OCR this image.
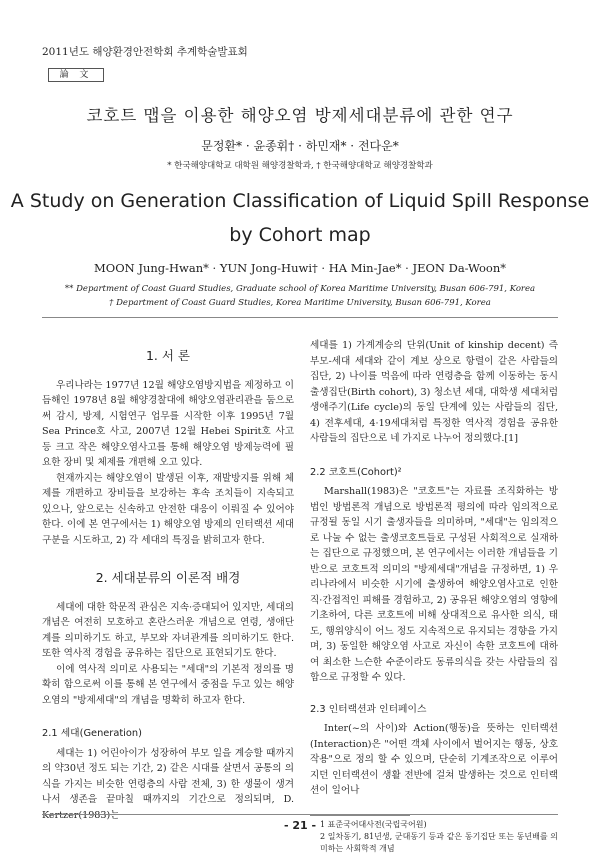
2011년도 해양환경안전학회 추계학술발표회
論 文
코호트 맵을 이용한 해양오염 방제세대분류에 관한 연구
문정환* · 윤종휘† · 하민재* · 전다운*
* 한국해양대학교 대학원 해양경찰학과, † 한국해양대학교 해양경찰학과
A Study on Generation Classification of Liquid Spill Response
by Cohort map
MOON Jung-Hwan* · YUN Jong-Huwi† · HA Min-Jae* · JEON Da-Woon*
** Department of Coast Guard Studies, Graduate school of Korea Maritime University, Busan 606-791, Korea
† Department of Coast Guard Studies, Korea Maritime University, Busan 606-791, Korea
1. 서 론

우리나라는 1977년 12월 해양오염방지법을 제정하고 이듬해인 1978년 8월 해양경찰대에 해양오염관리관을 둠으로써 감시, 방제, 시험연구 업무를 시작한 이후 1995년 7월 Sea Prince호 사고, 2007년 12월 Hebei Spirit호 사고 등 크고 작은 해양오염사고를 통해 해양오염 방제능력에 필요한 장비 및 체제를 개편해 오고 있다.

현재까지는 해양오염이 발생된 이후, 재발방지를 위해 체제를 개편하고 장비들을 보강하는 후속 조치들이 지속되고 있으나, 앞으로는 신속하고 안전한 대응이 이뤄질 수 있어야 한다. 이에 본 연구에서는 1) 해양오염 방제의 인터랙션 세대 구분을 시도하고, 2) 각 세대의 특징을 밝히고자 한다.

2. 세대분류의 이론적 배경

세대에 대한 학문적 관심은 지속·증대되어 있지만, 세대의 개념은 여전히 모호하고 혼란스러운 개념으로 연령, 생애단계를 의미하기도 하고, 부모와 자녀관계를 의미하기도 한다. 또한 역사적 경험을 공유하는 집단으로 표현되기도 한다.

이에 역사적 의미로 사용되는 "세대"의 기본적 정의를 명확히 함으로써 이를 통해 본 연구에서 중점을 두고 있는 해양오염의 "방제세대"의 개념을 명확히 하고자 한다.

2.1 세대(Generation)

세대는 1) 어린아이가 성장하여 부모 일을 계승할 때까지의 약30년 정도 되는 기간, 2) 같은 시대를 살면서 공통의 의식을 가지는 비슷한 연령층의 사람 전체, 3) 한 생물이 생겨나서 생존을 끝마칠 때까지의 기간으로 정의되며, D. Kertzer(1983)는

세대를 1) 가계계승의 단위(Unit of kinship decent) 즉 부모-세대 세대와 같이 계보 상으로 항렬이 같은 사람들의 집단, 2) 나이를 먹음에 따라 연령층을 함께 이동하는 동시 출생집단(Birth cohort), 3) 청소년 세대, 대학생 세대처럼 생애주기(Life cycle)의 동일 단계에 있는 사람들의 집단, 4) 전후세대, 4·19세대처럼 특정한 역사적 경험을 공유한 사람들의 집단으로 네 가지로 나누어 정의했다.[1]

2.2 코호트(Cohort)²

Marshall(1983)은 "코호트"는 자료를 조직화하는 방법인 방법론적 개념으로 방법론적 평의에 따라 임의적으로 규정될 동일 시기 출생자들을 의미하며, "세대"는 임의적으로 나눌 수 없는 출생코호트들로 구성된 사회적으로 실재하는 집단으로 규정했으며, 본 연구에서는 이러한 개념들을 기반으로 코호트적 의미의 "방제세대"개념을 규정하면, 1) 우리나라에서 비슷한 시기에 출생하여 해양오염사고로 인한 직·간접적인 피해를 경험하고, 2) 공유된 해양오염의 영향에 기초하여, 다른 코호트에 비해 상대적으로 유사한 의식, 태도, 행위양식이 어느 정도 지속적으로 유지되는 경향을 가지며, 3) 동일한 해양오염 사고로 자신이 속한 코호트에 대하여 최소한 느슨한 수준이라도 동류의식을 갖는 사람들의 집합으로 규정할 수 있다.

2.3 인터랙션과 인터페이스

Inter(~의 사이)와 Action(행동)을 뜻하는 인터랙션(Interaction)은 "어떤 객체 사이에서 벌어지는 행동, 상호작용"으로 정의 할 수 있으며, 단순히 기계조작으로 이루어지던 인터랙션이 생활 전반에 걸쳐 발생하는 것으로 인터랙션이 일어나

1 표준국어대사전(국립국어원)

2 일차동기, 81년생, 군대동기 등과 같은 동기집단 또는 동년배를 의미하는 사회학적 개념

- 21 -
